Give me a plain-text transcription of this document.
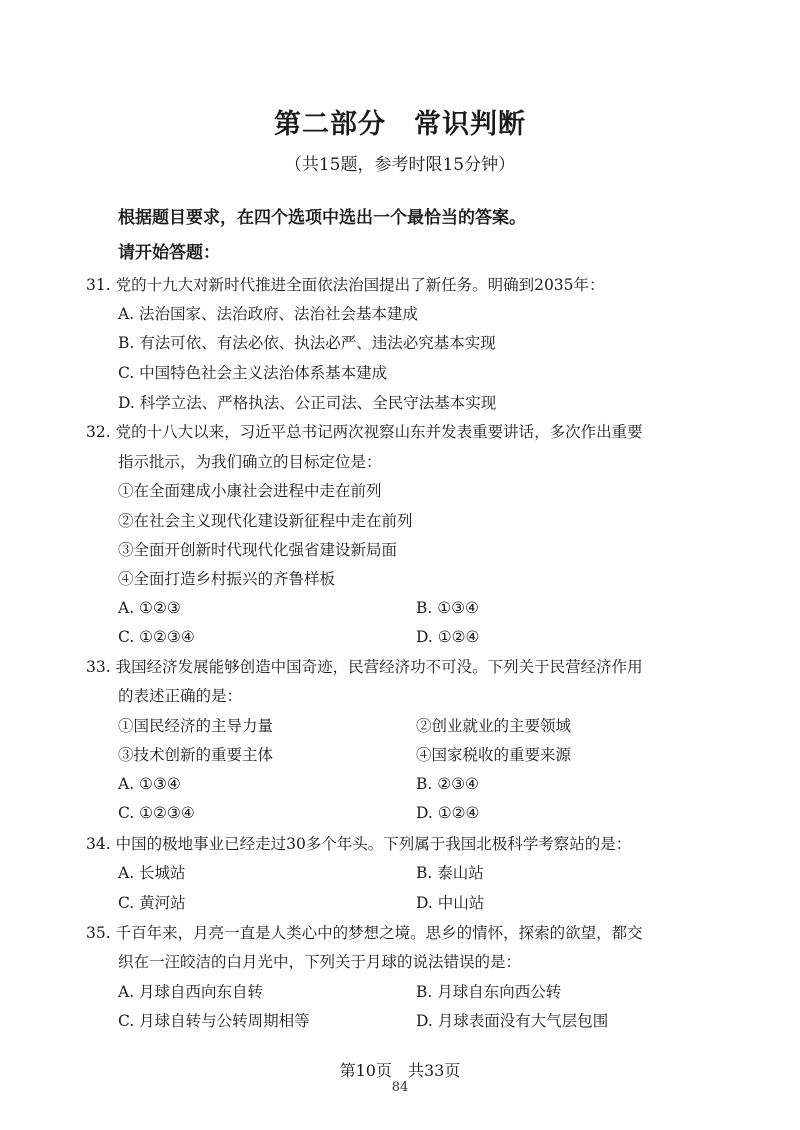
第二部分　常识判断
（共15题，参考时限15分钟）
根据题目要求，在四个选项中选出一个最恰当的答案。
请开始答题：
31. 党的十九大对新时代推进全面依法治国提出了新任务。明确到2035年：
A. 法治国家、法治政府、法治社会基本建成
B. 有法可依、有法必依、执法必严、违法必究基本实现
C. 中国特色社会主义法治体系基本建成
D. 科学立法、严格执法、公正司法、全民守法基本实现
32. 党的十八大以来，习近平总书记两次视察山东并发表重要讲话，多次作出重要
指示批示，为我们确立的目标定位是：
①在全面建成小康社会进程中走在前列
②在社会主义现代化建设新征程中走在前列
③全面开创新时代现代化强省建设新局面
④全面打造乡村振兴的齐鲁样板
A. ①②③	B. ①③④
C. ①②③④	D. ①②④
33. 我国经济发展能够创造中国奇迹，民营经济功不可没。下列关于民营经济作用
的表述正确的是：
①国民经济的主导力量	②创业就业的主要领域
③技术创新的重要主体	④国家税收的重要来源
A. ①③④	B. ②③④
C. ①②③④	D. ①②④
34. 中国的极地事业已经走过30多个年头。下列属于我国北极科学考察站的是：
A. 长城站	B. 泰山站
C. 黄河站	D. 中山站
35. 千百年来，月亮一直是人类心中的梦想之境。思乡的情怀，探索的欲望，都交
织在一汪皎洁的白月光中，下列关于月球的说法错误的是：
A. 月球自西向东自转	B. 月球自东向西公转
C. 月球自转与公转周期相等	D. 月球表面没有大气层包围
第10页　共33页
84
